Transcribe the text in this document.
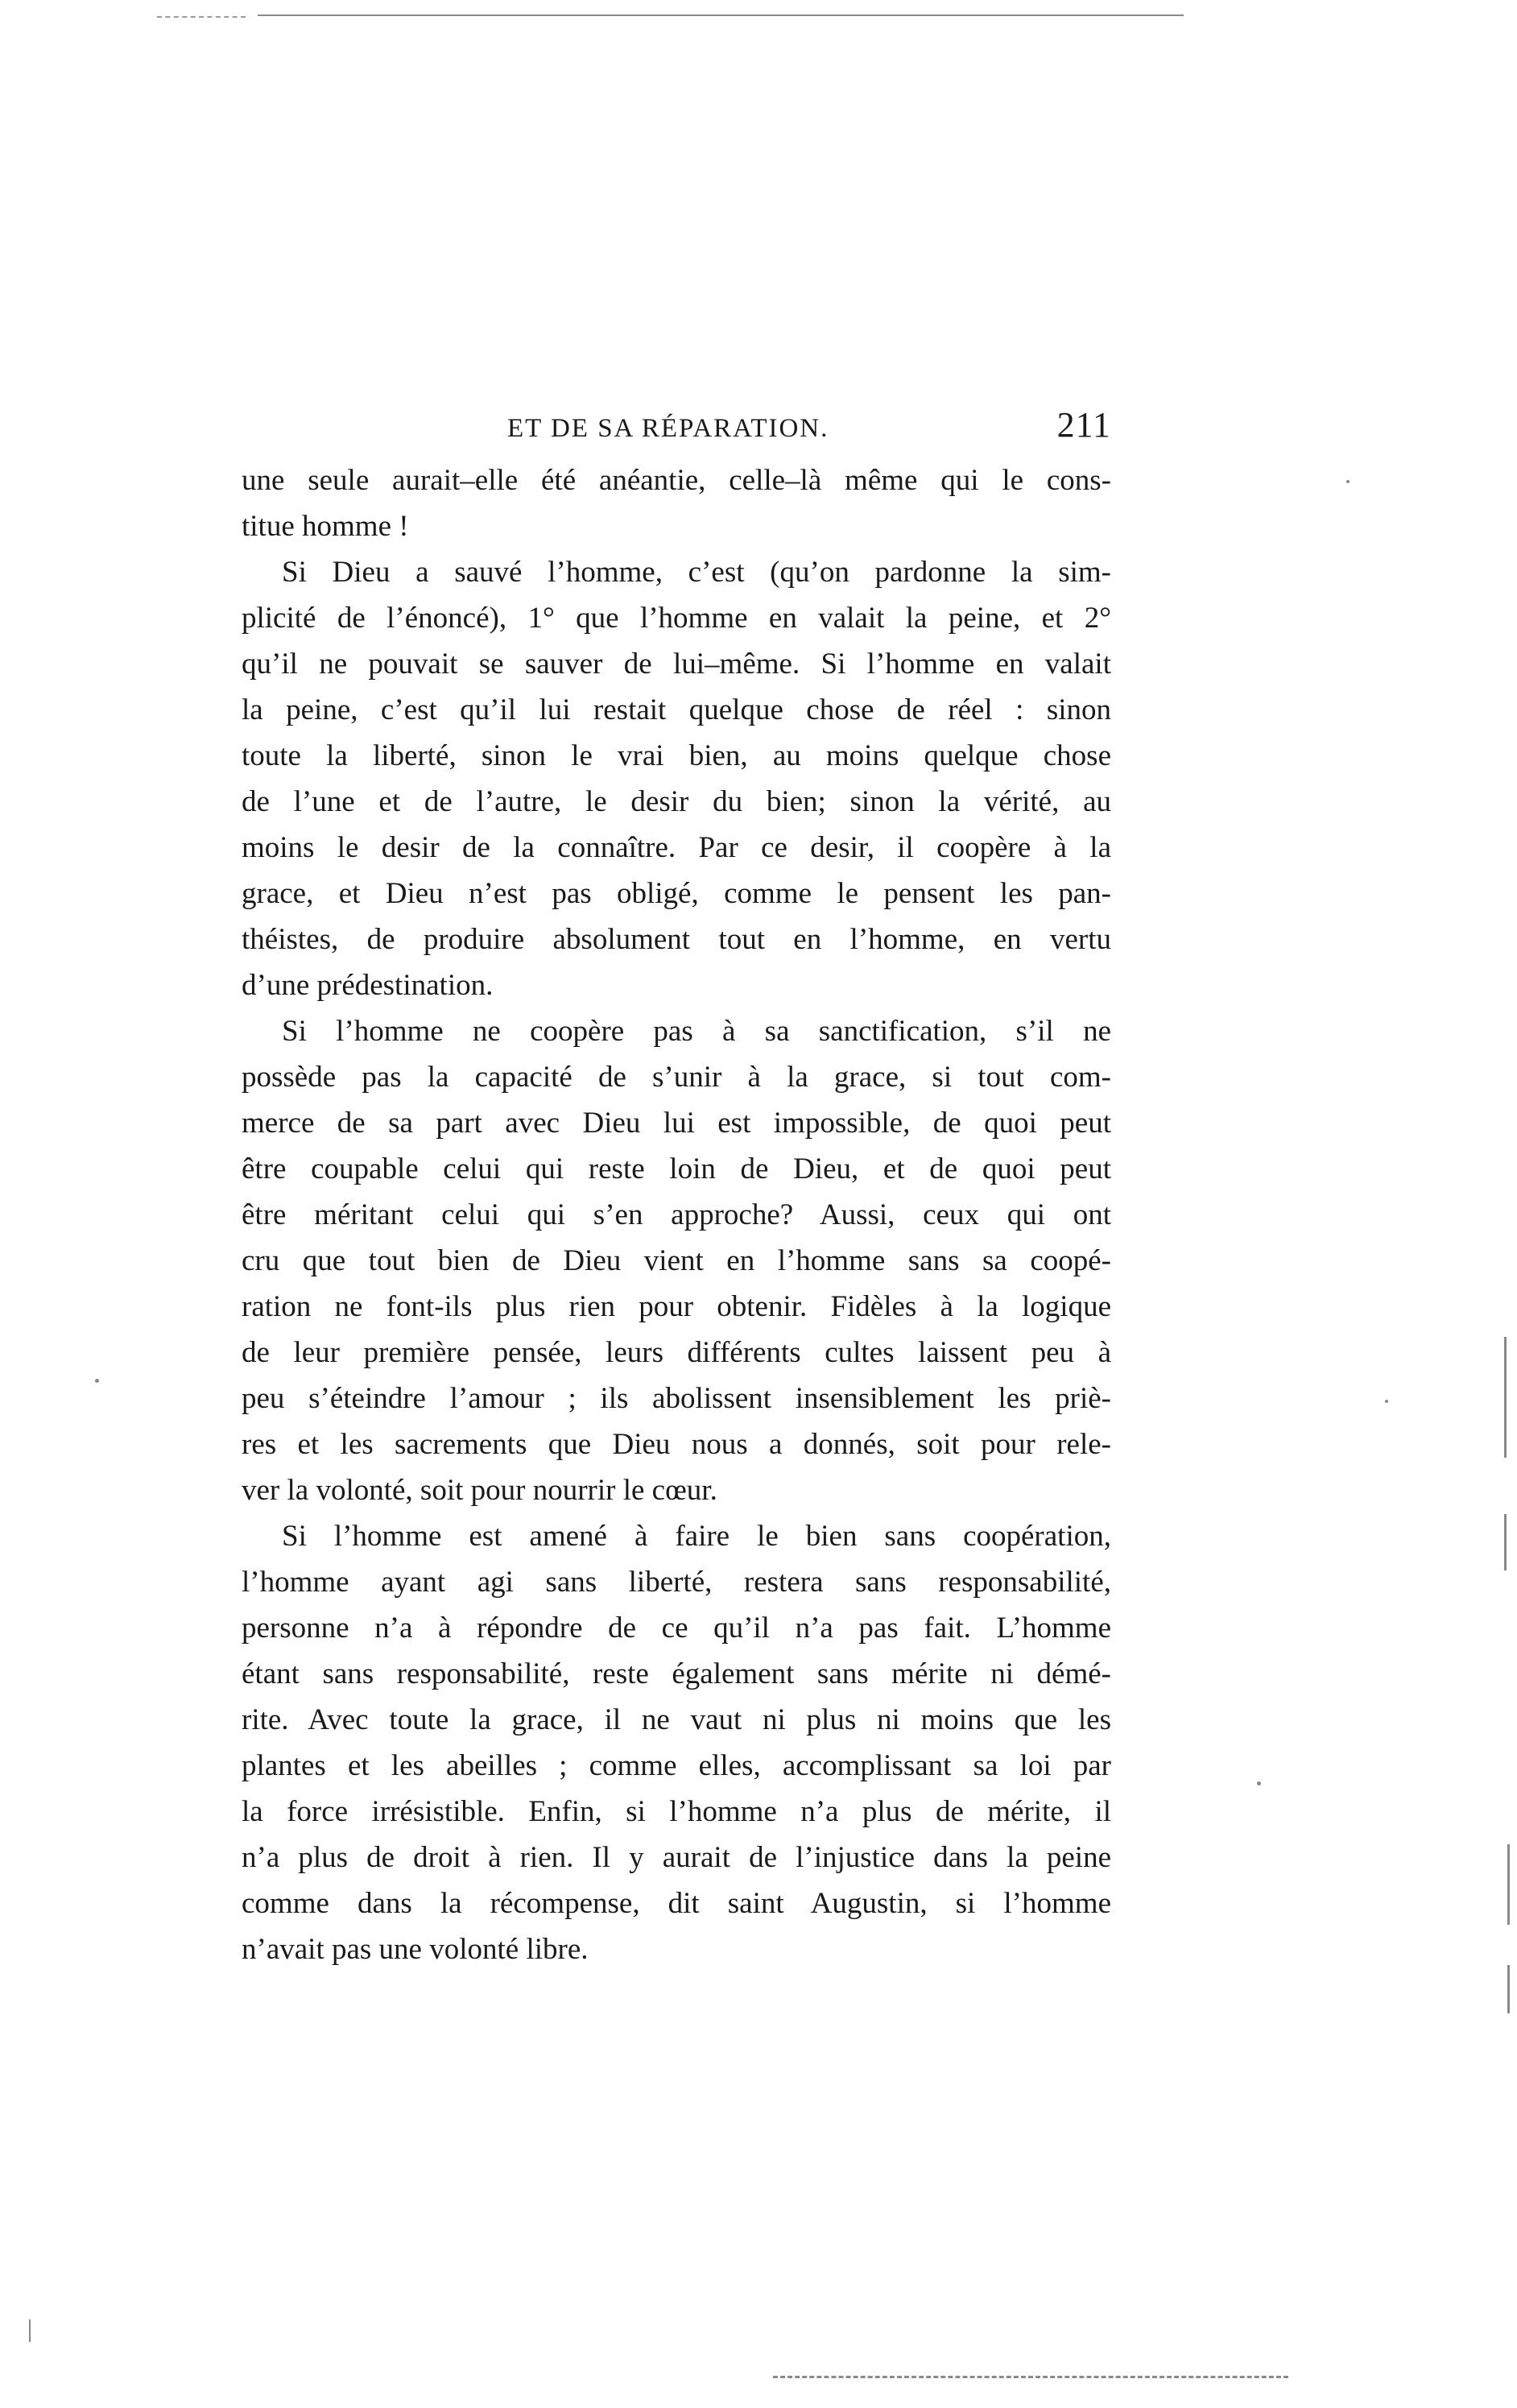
ET DE SA RÉPARATION.	211
une seule aurait–elle été anéantie, celle–là même qui le cons-
titue homme !
Si Dieu a sauvé l’homme, c’est (qu’on pardonne la sim-
plicité de l’énoncé), 1° que l’homme en valait la peine, et 2°
qu’il ne pouvait se sauver de lui–même. Si l’homme en valait
la peine, c’est qu’il lui restait quelque chose de réel : sinon
toute la liberté, sinon le vrai bien, au moins quelque chose
de l’une et de l’autre, le desir du bien; sinon la vérité, au
moins le desir de la connaître. Par ce desir, il coopère à la
grace, et Dieu n’est pas obligé, comme le pensent les pan-
théistes, de produire absolument tout en l’homme, en vertu
d’une prédestination.
Si l’homme ne coopère pas à sa sanctification, s’il ne
possède pas la capacité de s’unir à la grace, si tout com-
merce de sa part avec Dieu lui est impossible, de quoi peut
être coupable celui qui reste loin de Dieu, et de quoi peut
être méritant celui qui s’en approche? Aussi, ceux qui ont
cru que tout bien de Dieu vient en l’homme sans sa coopé-
ration ne font-ils plus rien pour obtenir. Fidèles à la logique
de leur première pensée, leurs différents cultes laissent peu à
peu s’éteindre l’amour ; ils abolissent insensiblement les priè-
res et les sacrements que Dieu nous a donnés, soit pour rele-
ver la volonté, soit pour nourrir le cœur.
Si l’homme est amené à faire le bien sans coopération,
l’homme ayant agi sans liberté, restera sans responsabilité,
personne n’a à répondre de ce qu’il n’a pas fait. L’homme
étant sans responsabilité, reste également sans mérite ni démé-
rite. Avec toute la grace, il ne vaut ni plus ni moins que les
plantes et les abeilles ; comme elles, accomplissant sa loi par
la force irrésistible. Enfin, si l’homme n’a plus de mérite, il
n’a plus de droit à rien. Il y aurait de l’injustice dans la peine
comme dans la récompense, dit saint Augustin, si l’homme
n’avait pas une volonté libre.
